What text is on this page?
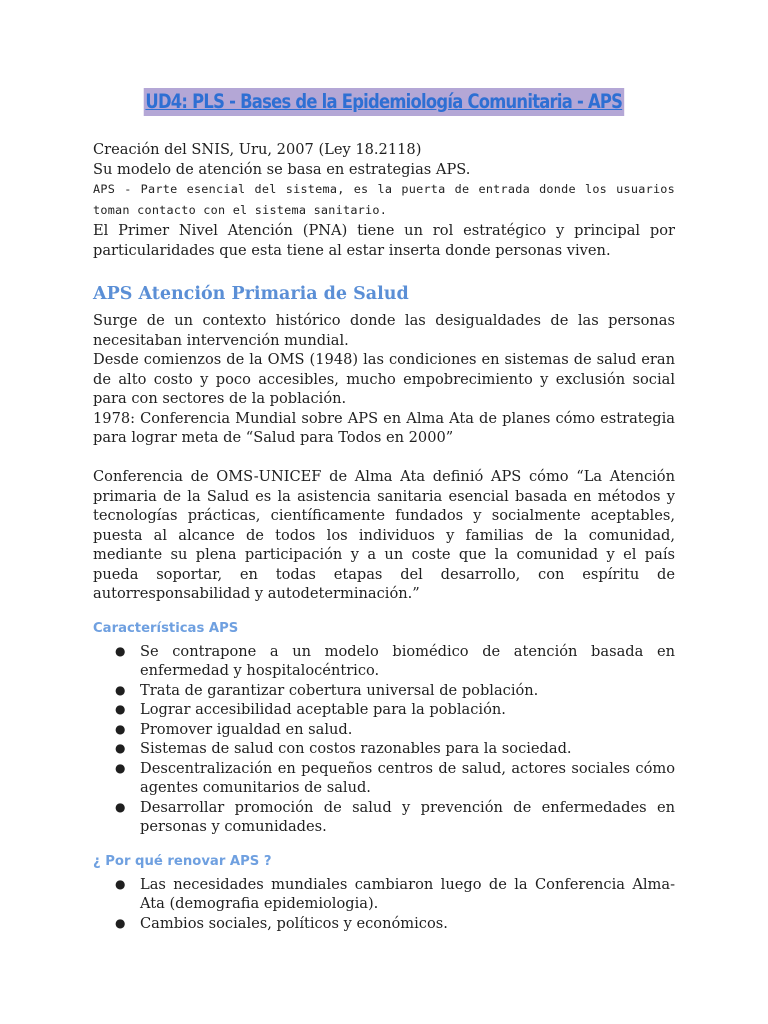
UD4: PLS - Bases de la Epidemiología Comunitaria - APS

Creación del SNIS, Uru, 2007 (Ley 18.2118)

Su modelo de atención se basa en estrategias APS.

APS - Parte esencial del sistema, es la puerta de entrada donde los usuarios toman contacto con el sistema sanitario.

El Primer Nivel Atención (PNA) tiene un rol estratégico y principal por particularidades que esta tiene al estar inserta donde personas viven.

APS Atención Primaria de Salud

Surge de un contexto histórico donde las desigualdades de las personas necesitaban intervención mundial.

Desde comienzos de la OMS (1948) las condiciones en sistemas de salud eran de alto costo y poco accesibles, mucho empobrecimiento y exclusión social para con sectores de la población.

1978: Conferencia Mundial sobre APS en Alma Ata de planes cómo estrategia para lograr meta de “Salud para Todos en 2000”

Conferencia de OMS-UNICEF de Alma Ata definió APS cómo “La Atención primaria de la Salud es la asistencia sanitaria esencial basada en métodos y tecnologías prácticas, científicamente fundados y socialmente aceptables, puesta al alcance de todos los individuos y familias de la comunidad, mediante su plena participación y a un coste que la comunidad y el país pueda soportar, en todas etapas del desarrollo, con espíritu de autorresponsabilidad y autodeterminación.”

Características APS
● Se contrapone a un modelo biomédico de atención basada en enfermedad y hospitalocéntrico.
● Trata de garantizar cobertura universal de población.
● Lograr accesibilidad aceptable para la población.
● Promover igualdad en salud.
● Sistemas de salud con costos razonables para la sociedad.
● Descentralización en pequeños centros de salud, actores sociales cómo agentes comunitarios de salud.
● Desarrollar promoción de salud y prevención de enfermedades en personas y comunidades.
¿ Por qué renovar APS ?
● Las necesidades mundiales cambiaron luego de la Conferencia Alma-Ata (demografia epidemiologia).
● Cambios sociales, políticos y económicos.
